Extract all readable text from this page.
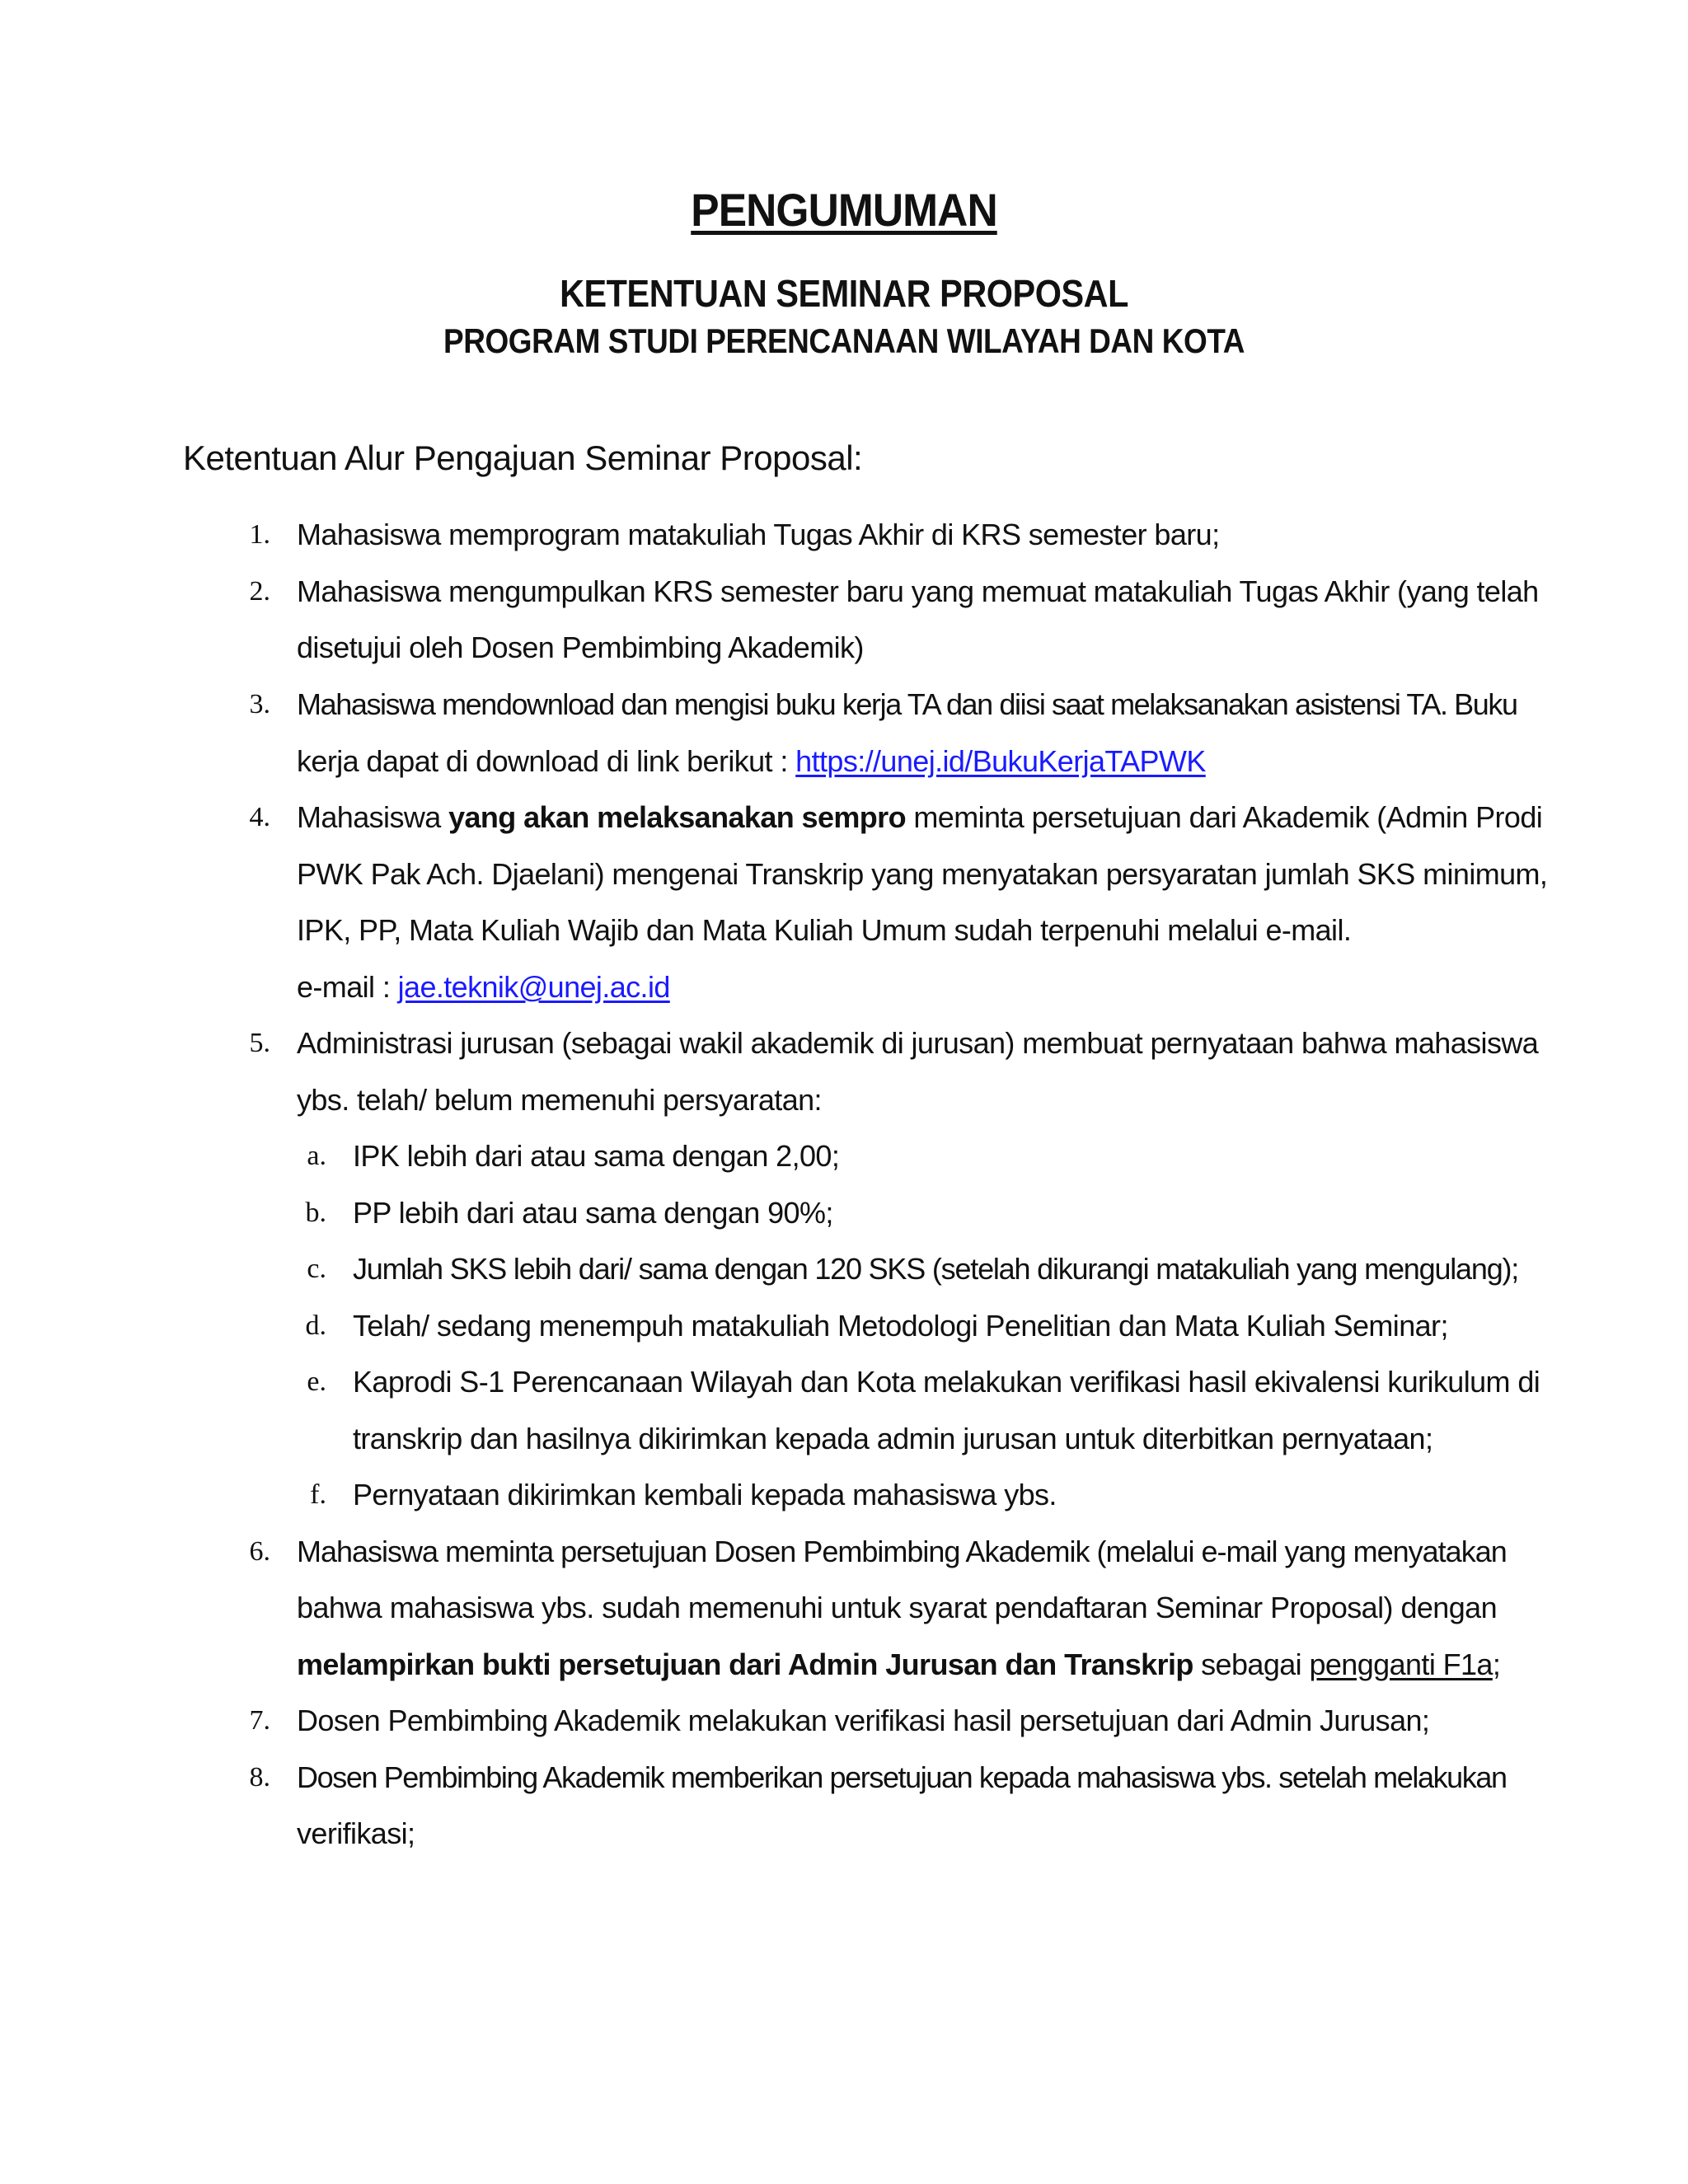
PENGUMUMAN
KETENTUAN SEMINAR PROPOSAL
PROGRAM STUDI PERENCANAAN WILAYAH DAN KOTA
Ketentuan Alur Pengajuan Seminar Proposal:
1. Mahasiswa memprogram matakuliah Tugas Akhir di KRS semester baru;
2. Mahasiswa mengumpulkan KRS semester baru yang memuat matakuliah Tugas Akhir (yang telah
disetujui oleh Dosen Pembimbing Akademik)
3. Mahasiswa mendownload dan mengisi buku kerja TA dan diisi saat melaksanakan asistensi TA. Buku
kerja dapat di download di link berikut : https://unej.id/BukuKerjaTAPWK
4. Mahasiswa yang akan melaksanakan sempro meminta persetujuan dari Akademik (Admin Prodi
PWK Pak Ach. Djaelani) mengenai Transkrip yang menyatakan persyaratan jumlah SKS minimum,
IPK, PP, Mata Kuliah Wajib dan Mata Kuliah Umum sudah terpenuhi melalui e-mail.
e-mail : jae.teknik@unej.ac.id
5. Administrasi jurusan (sebagai wakil akademik di jurusan) membuat pernyataan bahwa mahasiswa
ybs. telah/ belum memenuhi persyaratan:
a. IPK lebih dari atau sama dengan 2,00;
b. PP lebih dari atau sama dengan 90%;
c. Jumlah SKS lebih dari/ sama dengan 120 SKS (setelah dikurangi matakuliah yang mengulang);
d. Telah/ sedang menempuh matakuliah Metodologi Penelitian dan Mata Kuliah Seminar;
e. Kaprodi S-1 Perencanaan Wilayah dan Kota melakukan verifikasi hasil ekivalensi kurikulum di
transkrip dan hasilnya dikirimkan kepada admin jurusan untuk diterbitkan pernyataan;
f. Pernyataan dikirimkan kembali kepada mahasiswa ybs.
6. Mahasiswa meminta persetujuan Dosen Pembimbing Akademik (melalui e-mail yang menyatakan
bahwa mahasiswa ybs. sudah memenuhi untuk syarat pendaftaran Seminar Proposal) dengan
melampirkan bukti persetujuan dari Admin Jurusan dan Transkrip sebagai pengganti F1a;
7. Dosen Pembimbing Akademik melakukan verifikasi hasil persetujuan dari Admin Jurusan;
8. Dosen Pembimbing Akademik memberikan persetujuan kepada mahasiswa ybs. setelah melakukan
verifikasi;
